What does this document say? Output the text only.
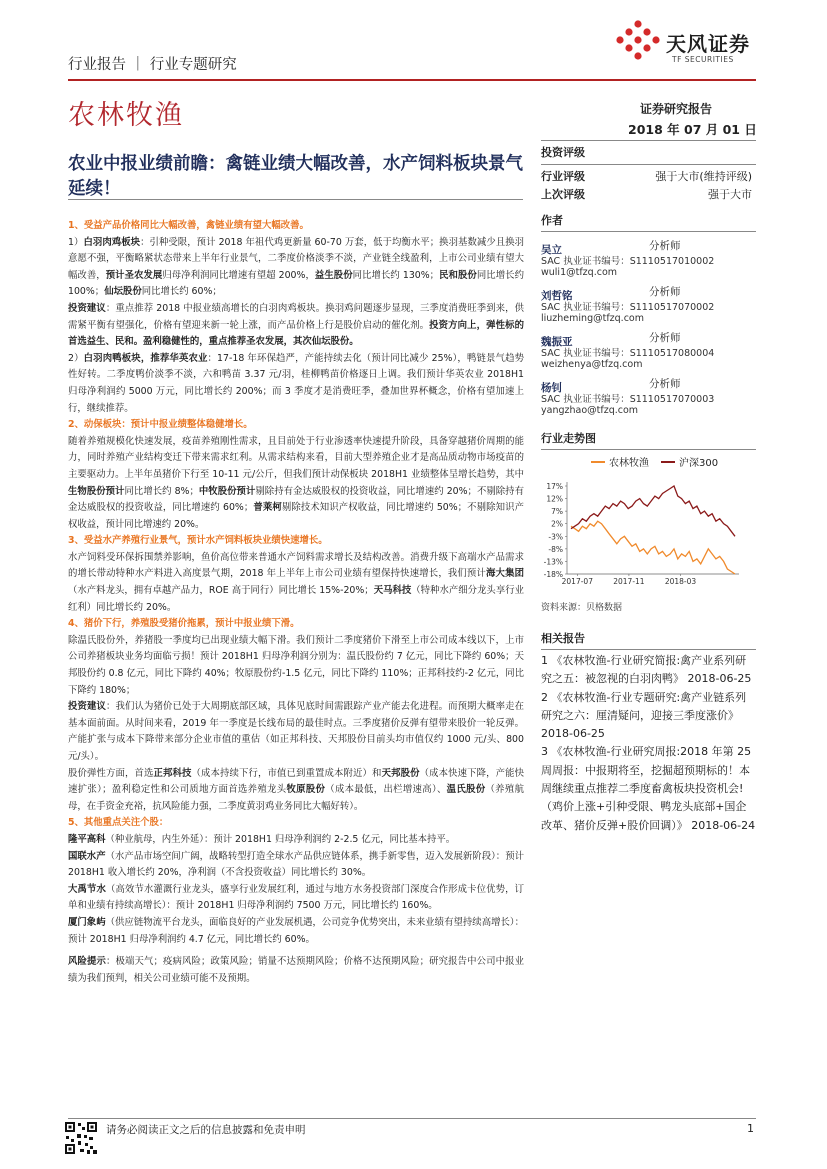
行业报告 ｜ 行业专题研究
天风证券
TF SECURITIES
农林牧渔	证券研究报告
2018 年 07 月 01 日
农业中报业绩前瞻：禽链业绩大幅改善，水产饲料板块景气延续！

1、受益产品价格同比大幅改善，禽链业绩有望大幅改善。

1）白羽肉鸡板块：引种受限，预计 2018 年祖代鸡更新量 60-70 万套，低于均衡水平；换羽基数减少且换羽意愿不强，平衡略紧状态带来上半年行业景气，二季度价格淡季不淡，产业链全线盈利，上市公司业绩有望大幅改善，预计圣农发展归母净利润同比增速有望超 200%，益生股份同比增长约 130%；民和股份同比增长约 100%；仙坛股份同比增长约 60%；

投资建议：重点推荐 2018 中报业绩高增长的白羽肉鸡板块。换羽鸡问题逐步显现，三季度消费旺季到来，供需紧平衡有望强化，价格有望迎来新一轮上涨，而产品价格上行是股价启动的催化剂。投资方向上，弹性标的首选益生、民和。盈利稳健性的，重点推荐圣农发展，其次仙坛股份。

2）白羽肉鸭板块，推荐华英农业：17-18 年环保趋严，产能持续去化（预计同比减少 25%），鸭链景气趋势性好转。二季度鸭价淡季不淡，六和鸭苗 3.37 元/羽，桂柳鸭苗价格逐日上调。我们预计华英农业 2018H1 归母净利润约 5000 万元，同比增长约 200%；而 3 季度才是消费旺季，叠加世界杯概念，价格有望加速上行，继续推荐。

2、动保板块：预计中报业绩整体稳健增长。

随着养殖规模化快速发展，疫苗养殖刚性需求，且目前处于行业渗透率快速提升阶段，具备穿越猪价周期的能力，同时养殖产业结构变迁下带来需求红利。从需求结构来看，目前大型养殖企业才是高品质动物市场疫苗的主要驱动力。上半年虽猪价下行至 10-11 元/公斤，但我们预计动保板块 2018H1 业绩整体呈增长趋势，其中生物股份预计同比增长约 8%；中牧股份预计剔除持有金达威股权的投资收益，同比增速约 20%；不剔除持有金达威股权的投资收益，同比增速约 60%；普莱柯剔除技术知识产权收益，同比增速约 50%；不剔除知识产权收益，预计同比增速约 20%。

3、受益水产养殖行业景气，预计水产饲料板块业绩快速增长。

水产饲料受环保拆围禁养影响，鱼价高位带来普通水产饲料需求增长及结构改善。消费升级下高端水产品需求的增长带动特种水产料进入高度景气期，2018 年上半年上市公司业绩有望保持快速增长，我们预计海大集团（水产料龙头，拥有卓越产品力，ROE 高于同行）同比增长 15%-20%；天马科技（特种水产细分龙头享行业红利）同比增长约 20%。

4、猪价下行，养殖股受猪价拖累，预计中报业绩下滑。

除温氏股份外，养猪股一季度均已出现业绩大幅下滑。我们预计二季度猪价下滑至上市公司成本线以下，上市公司养猪板块业务均面临亏损！预计 2018H1 归母净利润分别为：温氏股份约 7 亿元，同比下降约 60%；天邦股份约 0.8 亿元，同比下降约 40%；牧原股份约-1.5 亿元，同比下降约 110%；正邦科技约-2 亿元，同比下降约 180%；

投资建议：我们认为猪价已处于大周期底部区域，具体见底时间需跟踪产业产能去化进程。而预期大概率走在基本面前面。从时间来看，2019 年一季度是长线布局的最佳时点。三季度猪价反弹有望带来股价一轮反弹。产能扩张与成本下降带来部分企业市值的重估（如正邦科技、天邦股份目前头均市值仅约 1000 元/头、800 元/头）。

股价弹性方面，首选正邦科技（成本持续下行，市值已到重置成本附近）和天邦股份（成本快速下降，产能快速扩张）；盈利稳定性和公司质地方面首选养殖龙头牧原股份（成本最低，出栏增速高）、温氏股份（养殖航母，在手资金充裕，抗风险能力强，二季度黄羽鸡业务同比大幅好转）。

5、其他重点关注个股：

隆平高科（种业航母，内生外延）：预计 2018H1 归母净利润约 2-2.5 亿元，同比基本持平。

国联水产（水产品市场空间广阔，战略转型打造全球水产品供应链体系，携手新零售，迈入发展新阶段）：预计 2018H1 收入增长约 20%，净利润（不含投资收益）同比增长约 30%。

大禹节水（高效节水灌溉行业龙头，盛享行业发展红利，通过与地方水务投资部门深度合作形成卡位优势，订单和业绩有持续高增长）：预计 2018H1 归母净利润约 7500 万元，同比增长约 160%。

厦门象屿（供应链物流平台龙头，面临良好的产业发展机遇，公司竞争优势突出，未来业绩有望持续高增长）：预计 2018H1 归母净利润约 4.7 亿元，同比增长约 60%。

风险提示：极端天气；疫病风险；政策风险；销量不达预期风险；价格不达预期风险；研究报告中公司中报业绩为我们预判，相关公司业绩可能不及预期。

投资评级
行业评级	强于大市(维持评级)
上次评级	强于大市
作者
吴立	分析师
SAC 执业证书编号：S1110517010002
wuli1@tfzq.com
刘哲铭	分析师
SAC 执业证书编号：S1110517070002
liuzheming@tfzq.com
魏振亚	分析师
SAC 执业证书编号：S1110517080004
weizhenya@tfzq.com
杨钊	分析师
SAC 执业证书编号：S1110517070003
yangzhao@tfzq.com
行业走势图
农林牧渔	沪深300
17%
12%
7%
2%
-3%
-8%
-13%
-18%
2017-07	2017-11	2018-03
资料来源：贝格数据
相关报告
1 《农林牧渔-行业研究简报:禽产业系列研究之五：被忽视的白羽肉鸭》 2018-06-25
2 《农林牧渔-行业专题研究:禽产业链系列研究之六：厘清疑问，迎接三季度涨价》 2018-06-25
3 《农林牧渔-行业研究周报:2018 年第 25 周周报：中报期将至，挖掘超预期标的！本周继续重点推荐二季度畜禽板块投资机会!（鸡价上涨+引种受限、鸭龙头底部+国企改革、猪价反弹+股价回调）》 2018-06-24
请务必阅读正文之后的信息披露和免责申明	1
